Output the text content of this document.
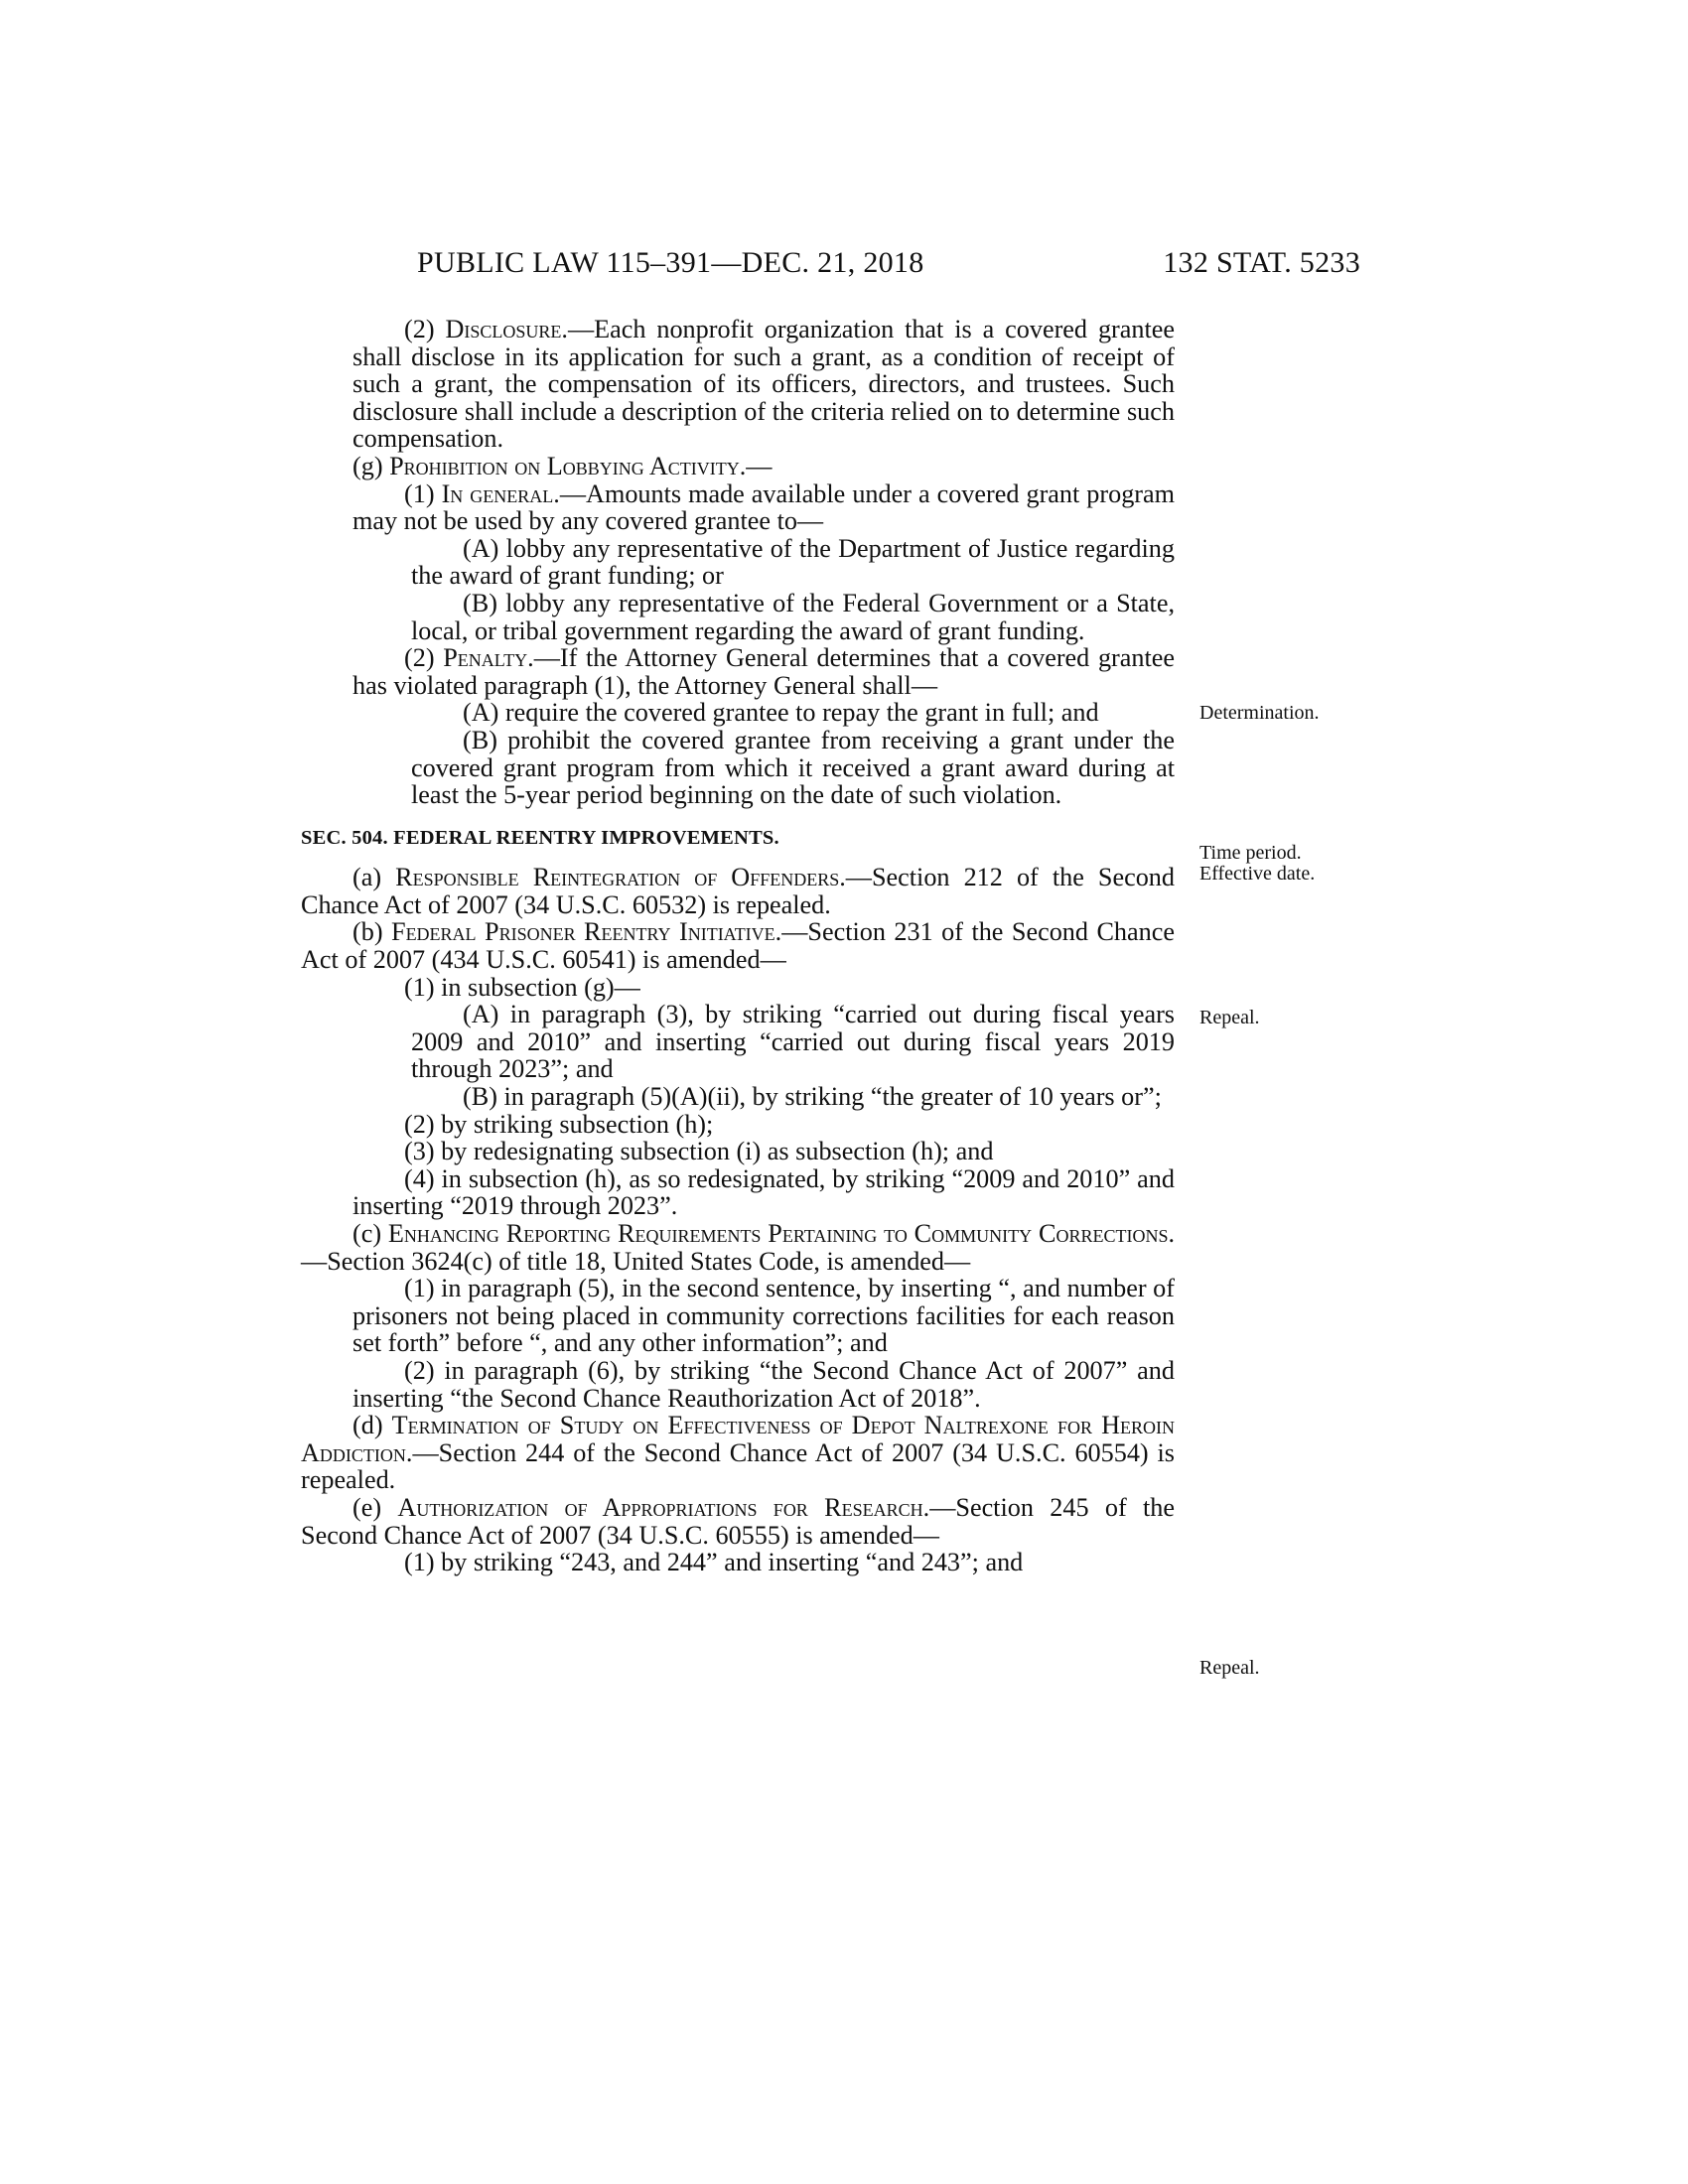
PUBLIC LAW 115–391—DEC. 21, 2018	132 STAT. 5233

(2) Disclosure.—Each nonprofit organization that is a covered grantee shall disclose in its application for such a grant, as a condition of receipt of such a grant, the compensation of its officers, directors, and trustees. Such disclosure shall include a description of the criteria relied on to determine such compensation.

(g) Prohibition on Lobbying Activity.—

(1) In general.—Amounts made available under a covered grant program may not be used by any covered grantee to—

(A) lobby any representative of the Department of Justice regarding the award of grant funding; or

(B) lobby any representative of the Federal Government or a State, local, or tribal government regarding the award of grant funding.

(2) Penalty.—If the Attorney General determines that a covered grantee has violated paragraph (1), the Attorney General shall—

(A) require the covered grantee to repay the grant in full; and

(B) prohibit the covered grantee from receiving a grant under the covered grant program from which it received a grant award during at least the 5-year period beginning on the date of such violation.

SEC. 504. FEDERAL REENTRY IMPROVEMENTS.

(a) Responsible Reintegration of Offenders.—Section 212 of the Second Chance Act of 2007 (34 U.S.C. 60532) is repealed.

(b) Federal Prisoner Reentry Initiative.—Section 231 of the Second Chance Act of 2007 (434 U.S.C. 60541) is amended—

(1) in subsection (g)—

(A) in paragraph (3), by striking “carried out during fiscal years 2009 and 2010” and inserting “carried out during fiscal years 2019 through 2023”; and

(B) in paragraph (5)(A)(ii), by striking “the greater of 10 years or”;

(2) by striking subsection (h);

(3) by redesignating subsection (i) as subsection (h); and

(4) in subsection (h), as so redesignated, by striking “2009 and 2010” and inserting “2019 through 2023”.

(c) Enhancing Reporting Requirements Pertaining to Community Corrections.—Section 3624(c) of title 18, United States Code, is amended—

(1) in paragraph (5), in the second sentence, by inserting “, and number of prisoners not being placed in community corrections facilities for each reason set forth” before “, and any other information”; and

(2) in paragraph (6), by striking “the Second Chance Act of 2007” and inserting “the Second Chance Reauthorization Act of 2018”.

(d) Termination of Study on Effectiveness of Depot Naltrexone for Heroin Addiction.—Section 244 of the Second Chance Act of 2007 (34 U.S.C. 60554) is repealed.

(e) Authorization of Appropriations for Research.—Section 245 of the Second Chance Act of 2007 (34 U.S.C. 60555) is amended—

(1) by striking “243, and 244” and inserting “and 243”; and

Determination.
Time period.
Effective date.
Repeal.
Repeal.
